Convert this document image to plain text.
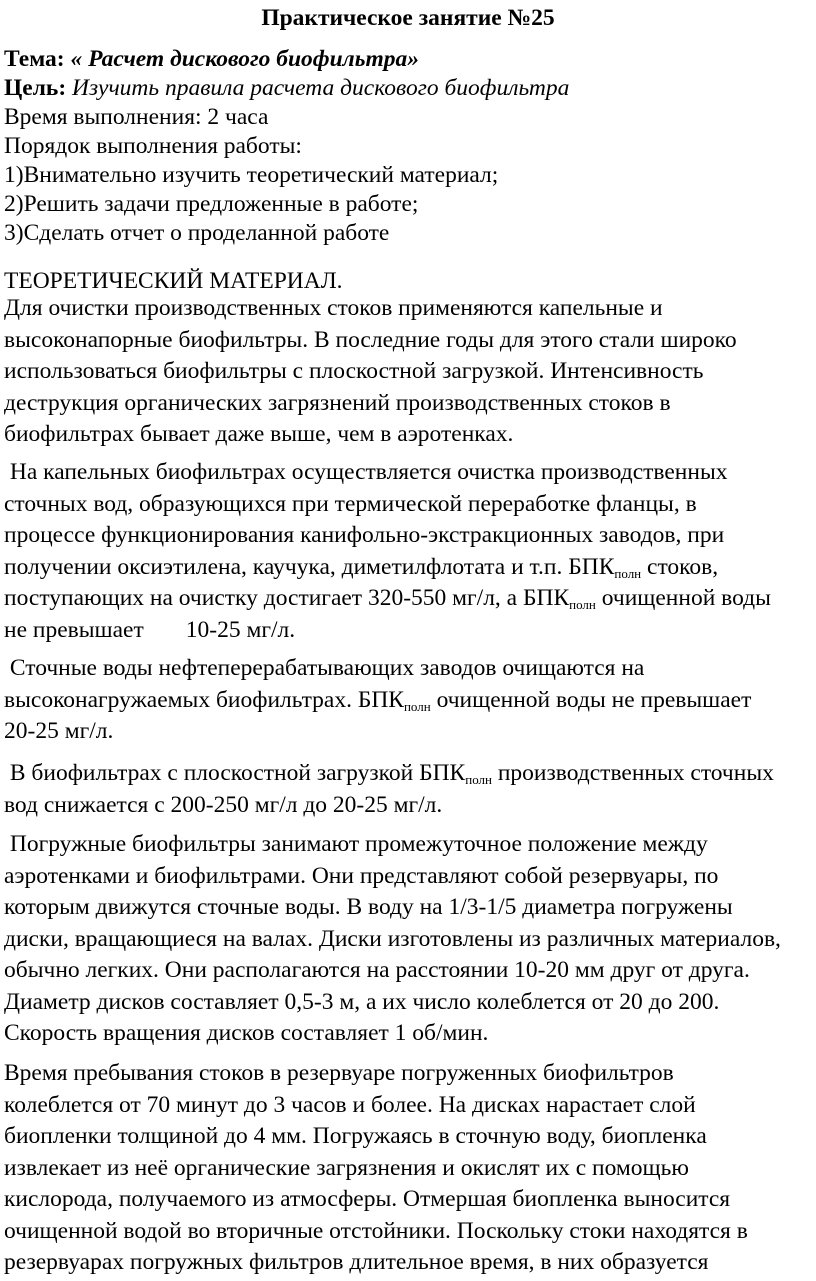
Практическое занятие №25
Тема: « Расчет дискового биофильтра»
Цель: Изучить правила расчета дискового биофильтра
Время выполнения: 2 часа
Порядок выполнения работы:
1)Внимательно изучить теоретический материал;
2)Решить задачи предложенные в работе;
3)Сделать отчет о проделанной работе
ТЕОРЕТИЧЕСКИЙ МАТЕРИАЛ.
Для очистки производственных стоков применяются капельные и
высоконапорные биофильтры. В последние годы для этого стали широко
использоваться биофильтры с плоскостной загрузкой. Интенсивность
деструкция органических загрязнений производственных стоков в
биофильтрах бывает даже выше, чем в аэротенках.
На капельных биофильтрах осуществляется очистка производственных
сточных вод, образующихся при термической переработке фланцы, в
процессе функционирования канифольно-экстракционных заводов, при
получении оксиэтилена, каучука, диметилфлотата и т.п. $БПК_{полн}$ стоков,
поступающих на очистку достигает 320-550 мг/л, а $БПК_{полн}$ очищенной воды
не превышает 10-25 мг/л.
Сточные воды нефтеперерабатывающих заводов очищаются на
высоконагружаемых биофильтрах. $БПК_{полн}$ очищенной воды не превышает
20-25 мг/л.
В биофильтрах с плоскостной загрузкой $БПК_{полн}$ производственных сточных
вод снижается с 200-250 мг/л до 20-25 мг/л.
Погружные биофильтры занимают промежуточное положение между
аэротенками и биофильтрами. Они представляют собой резервуары, по
которым движутся сточные воды. В воду на 1/3-1/5 диаметра погружены
диски, вращающиеся на валах. Диски изготовлены из различных материалов,
обычно легких. Они располагаются на расстоянии 10-20 мм друг от друга.
Диаметр дисков составляет 0,5-3 м, а их число колеблется от 20 до 200.
Скорость вращения дисков составляет 1 об/мин.
Время пребывания стоков в резервуаре погруженных биофильтров
колеблется от 70 минут до 3 часов и более. На дисках нарастает слой
биопленки толщиной до 4 мм. Погружаясь в сточную воду, биопленка
извлекает из неё органические загрязнения и окислят их с помощью
кислорода, получаемого из атмосферы. Отмершая биопленка выносится
очищенной водой во вторичные отстойники. Поскольку стоки находятся в
резервуарах погружных фильтров длительное время, в них образуется
